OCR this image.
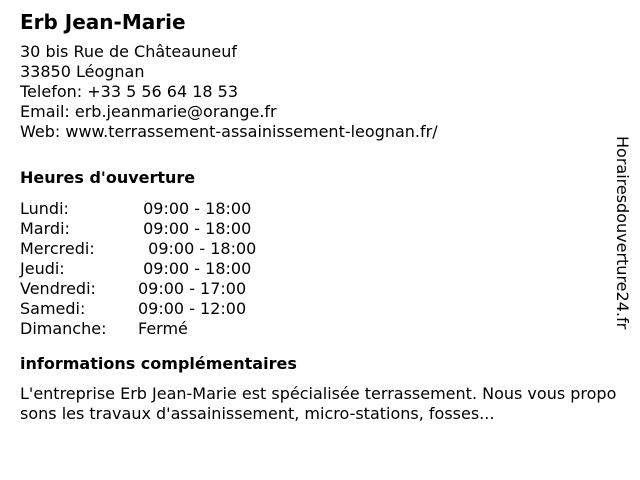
Erb Jean-Marie
30 bis Rue de Châteauneuf
33850 Léognan
Telefon: +33 5 56 64 18 53
Email: erb.jeanmarie@orange.fr
Web: www.terrassement-assainissement-leognan.fr/
Heures d'ouverture
Lundi:	09:00 - 18:00
Mardi:	09:00 - 18:00
Mercredi:	09:00 - 18:00
Jeudi:	09:00 - 18:00
Vendredi:	09:00 - 17:00
Samedi:	09:00 - 12:00
Dimanche:	Fermé
informations complémentaires
L'entreprise Erb Jean-Marie est spécialisée terrassement. Nous vous proposons les travaux d'assainissement, micro-stations, fosses...
Horairesdouverture24.fr
